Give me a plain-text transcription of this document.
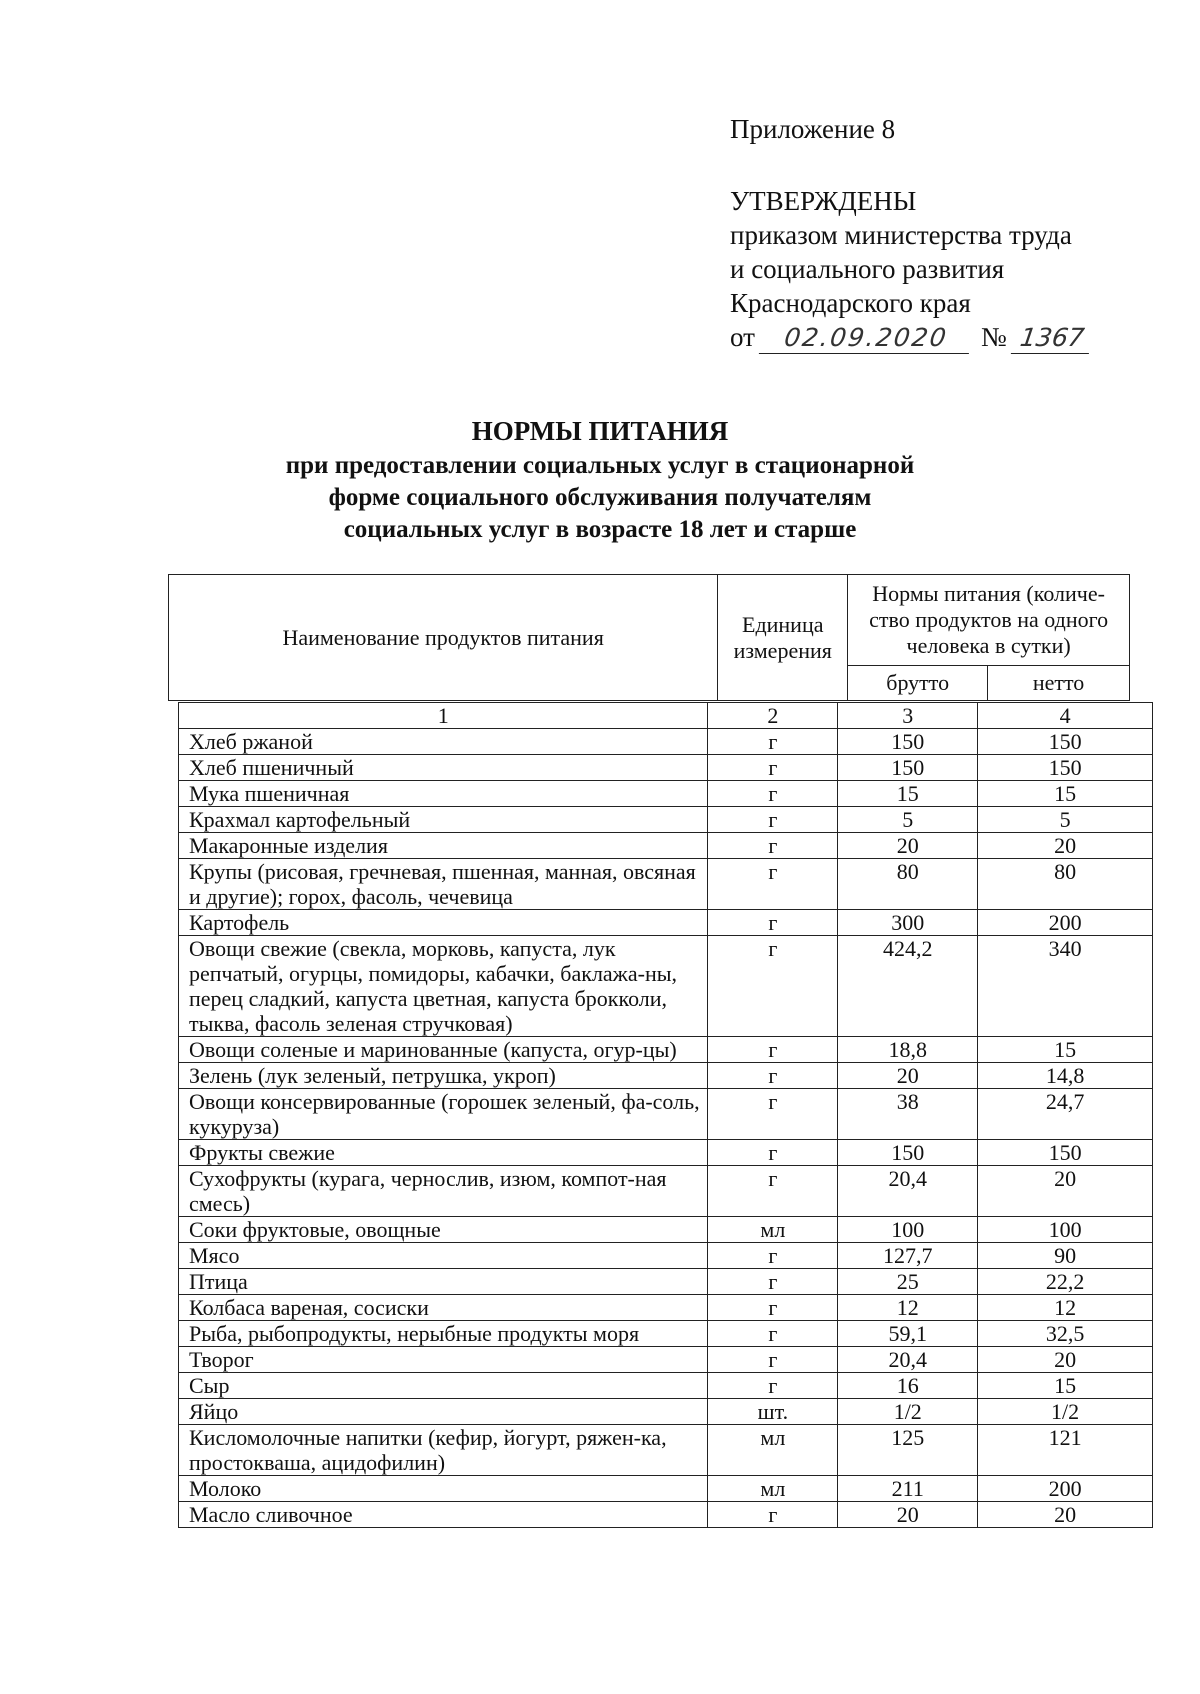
Приложение 8
УТВЕРЖДЕНЫ
приказом министерства труда
и социального развития
Краснодарского края
от	02.09.2020	№ 1367
НОРМЫ ПИТАНИЯ
при предоставлении социальных услуг в стационарной
форме социального обслуживания получателям
социальных услуг в возрасте 18 лет и старше
Наименование продуктов питания	Единица измерения	Нормы питания (количе-ство продуктов на одного человека в сутки)	
		брутто	нетто
1	2	3	4
Хлеб ржаной	г	150	150
Хлеб пшеничный	г	150	150
Мука пшеничная	г	15	15
Крахмал картофельный	г	5	5
Макаронные изделия	г	20	20
Крупы (рисовая, гречневая, пшенная, манная, овсяная и другие); горох, фасоль, чечевица	г	80	80
Картофель	г	300	200
Овощи свежие (свекла, морковь, капуста, лук репчатый, огурцы, помидоры, кабачки, баклажа-ны, перец сладкий, капуста цветная, капуста брокколи, тыква, фасоль зеленая стручковая)	г	424,2	340
Овощи соленые и маринованные (капуста, огур-цы)	г	18,8	15
Зелень (лук зеленый, петрушка, укроп)	г	20	14,8
Овощи консервированные (горошек зеленый, фа-соль, кукуруза)	г	38	24,7
Фрукты свежие	г	150	150
Сухофрукты (курага, чернослив, изюм, компот-ная смесь)	г	20,4	20
Соки фруктовые, овощные	мл	100	100
Мясо	г	127,7	90
Птица	г	25	22,2
Колбаса вареная, сосиски	г	12	12
Рыба, рыбопродукты, нерыбные продукты моря	г	59,1	32,5
Творог	г	20,4	20
Сыр	г	16	15
Яйцо	шт.	1/2	1/2
Кисломолочные напитки (кефир, йогурт, ряжен-ка, простокваша, ацидофилин)	мл	125	121
Молоко	мл	211	200
Масло сливочное	г	20	20
